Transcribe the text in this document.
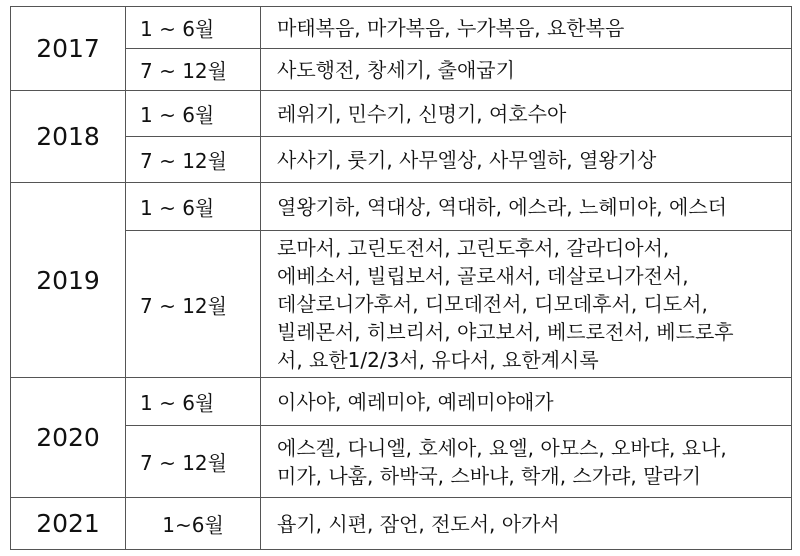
2017	1 ~ 6월	마태복음, 마가복음, 누가복음, 요한복음

	7 ~ 12월	사도행전, 창세기, 출애굽기

2018	1 ~ 6월	레위기, 민수기, 신명기, 여호수아

	7 ~ 12월	사사기, 룻기, 사무엘상, 사무엘하, 열왕기상

2019	1 ~ 6월	열왕기하, 역대상, 역대하, 에스라, 느헤미야, 에스더

	7 ~ 12월	로마서, 고린도전서, 고린도후서, 갈라디아서,
에베소서, 빌립보서, 골로새서, 데살로니가전서,
데살로니가후서, 디모데전서, 디모데후서, 디도서,
빌레몬서, 히브리서, 야고보서, 베드로전서, 베드로후
서, 요한1/2/3서, 유다서, 요한계시록

2020	1 ~ 6월	이사야, 예레미야, 예레미야애가

	7 ~ 12월	에스겔, 다니엘, 호세아, 요엘, 아모스, 오바댜, 요나,
미가, 나훔, 하박국, 스바냐, 학개, 스가랴, 말라기

2021	1~6월	욥기, 시편, 잠언, 전도서, 아가서
